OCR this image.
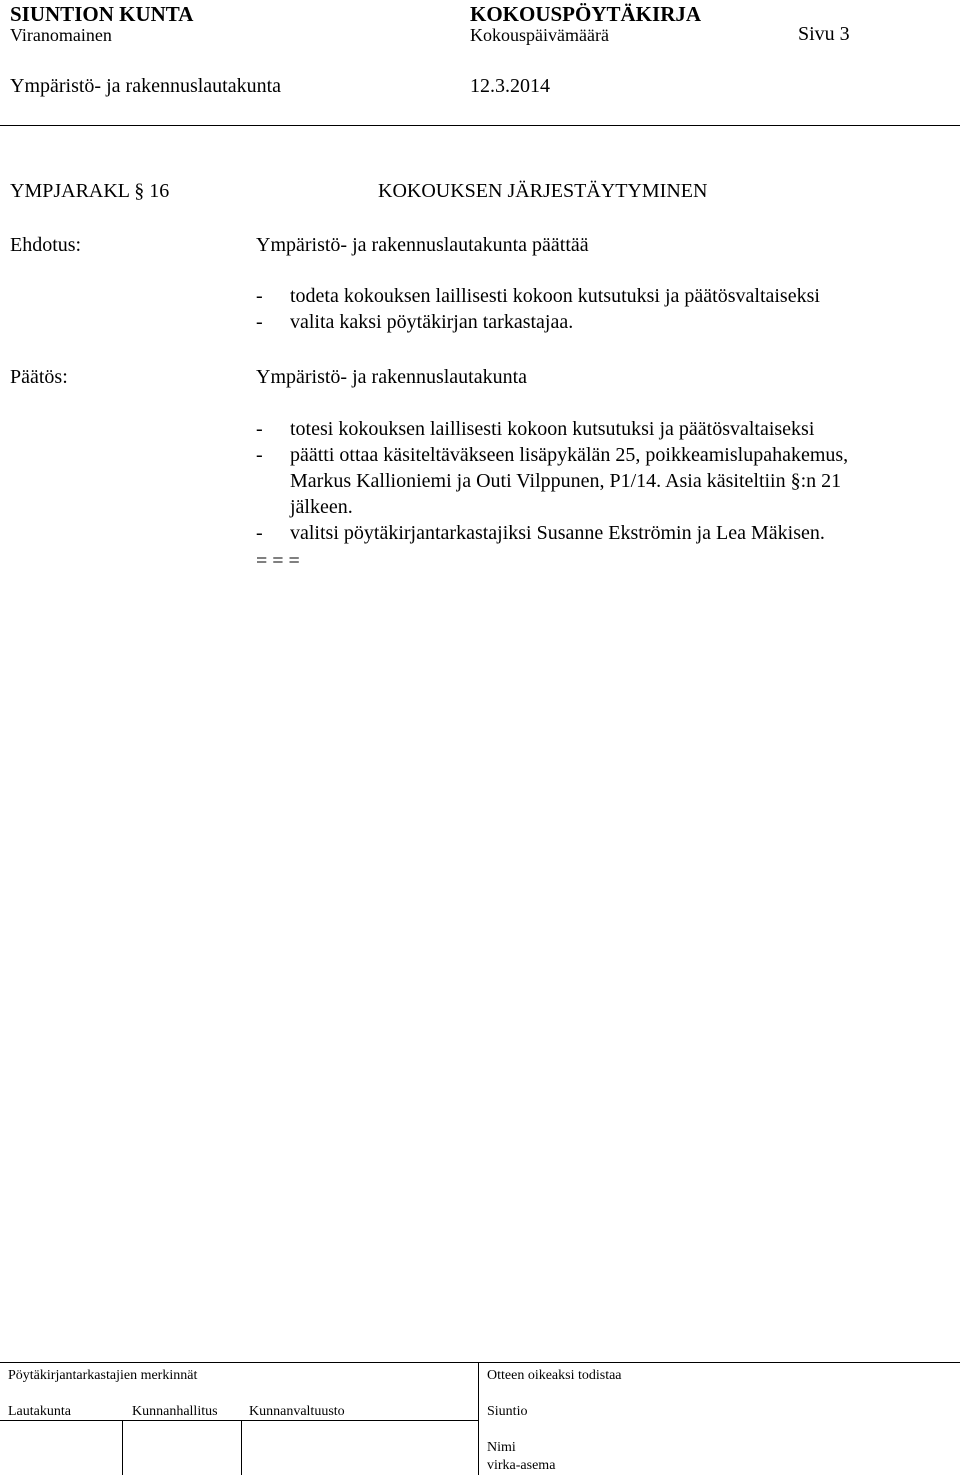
SIUNTION KUNTA	KOKOUSPÖYTÄKIRJA
Viranomainen	Kokouspäivämäärä	Sivu 3
Ympäristö- ja rakennuslautakunta	12.3.2014
YMPJARAKL § 16	KOKOUKSEN JÄRJESTÄYTYMINEN
Ehdotus:	Ympäristö- ja rakennuslautakunta päättää
- todeta kokouksen laillisesti kokoon kutsutuksi ja päätösvaltaiseksi
- valita kaksi pöytäkirjan tarkastajaa.
Päätös:	Ympäristö- ja rakennuslautakunta
- totesi kokouksen laillisesti kokoon kutsutuksi ja päätösvaltaiseksi
- päätti ottaa käsiteltäväkseen lisäpykälän 25, poikkeamislupahakemus,
Markus Kallioniemi ja Outi Vilppunen, P1/14. Asia käsiteltiin §:n 21
jälkeen.
- valitsi pöytäkirjantarkastajiksi Susanne Ekströmin ja Lea Mäkisen.
= = =
Pöytäkirjantarkastajien merkinnät	Otteen oikeaksi todistaa
Lautakunta	Kunnanhallitus Kunnanvaltuusto	Siuntio
Nimi
virka-asema
